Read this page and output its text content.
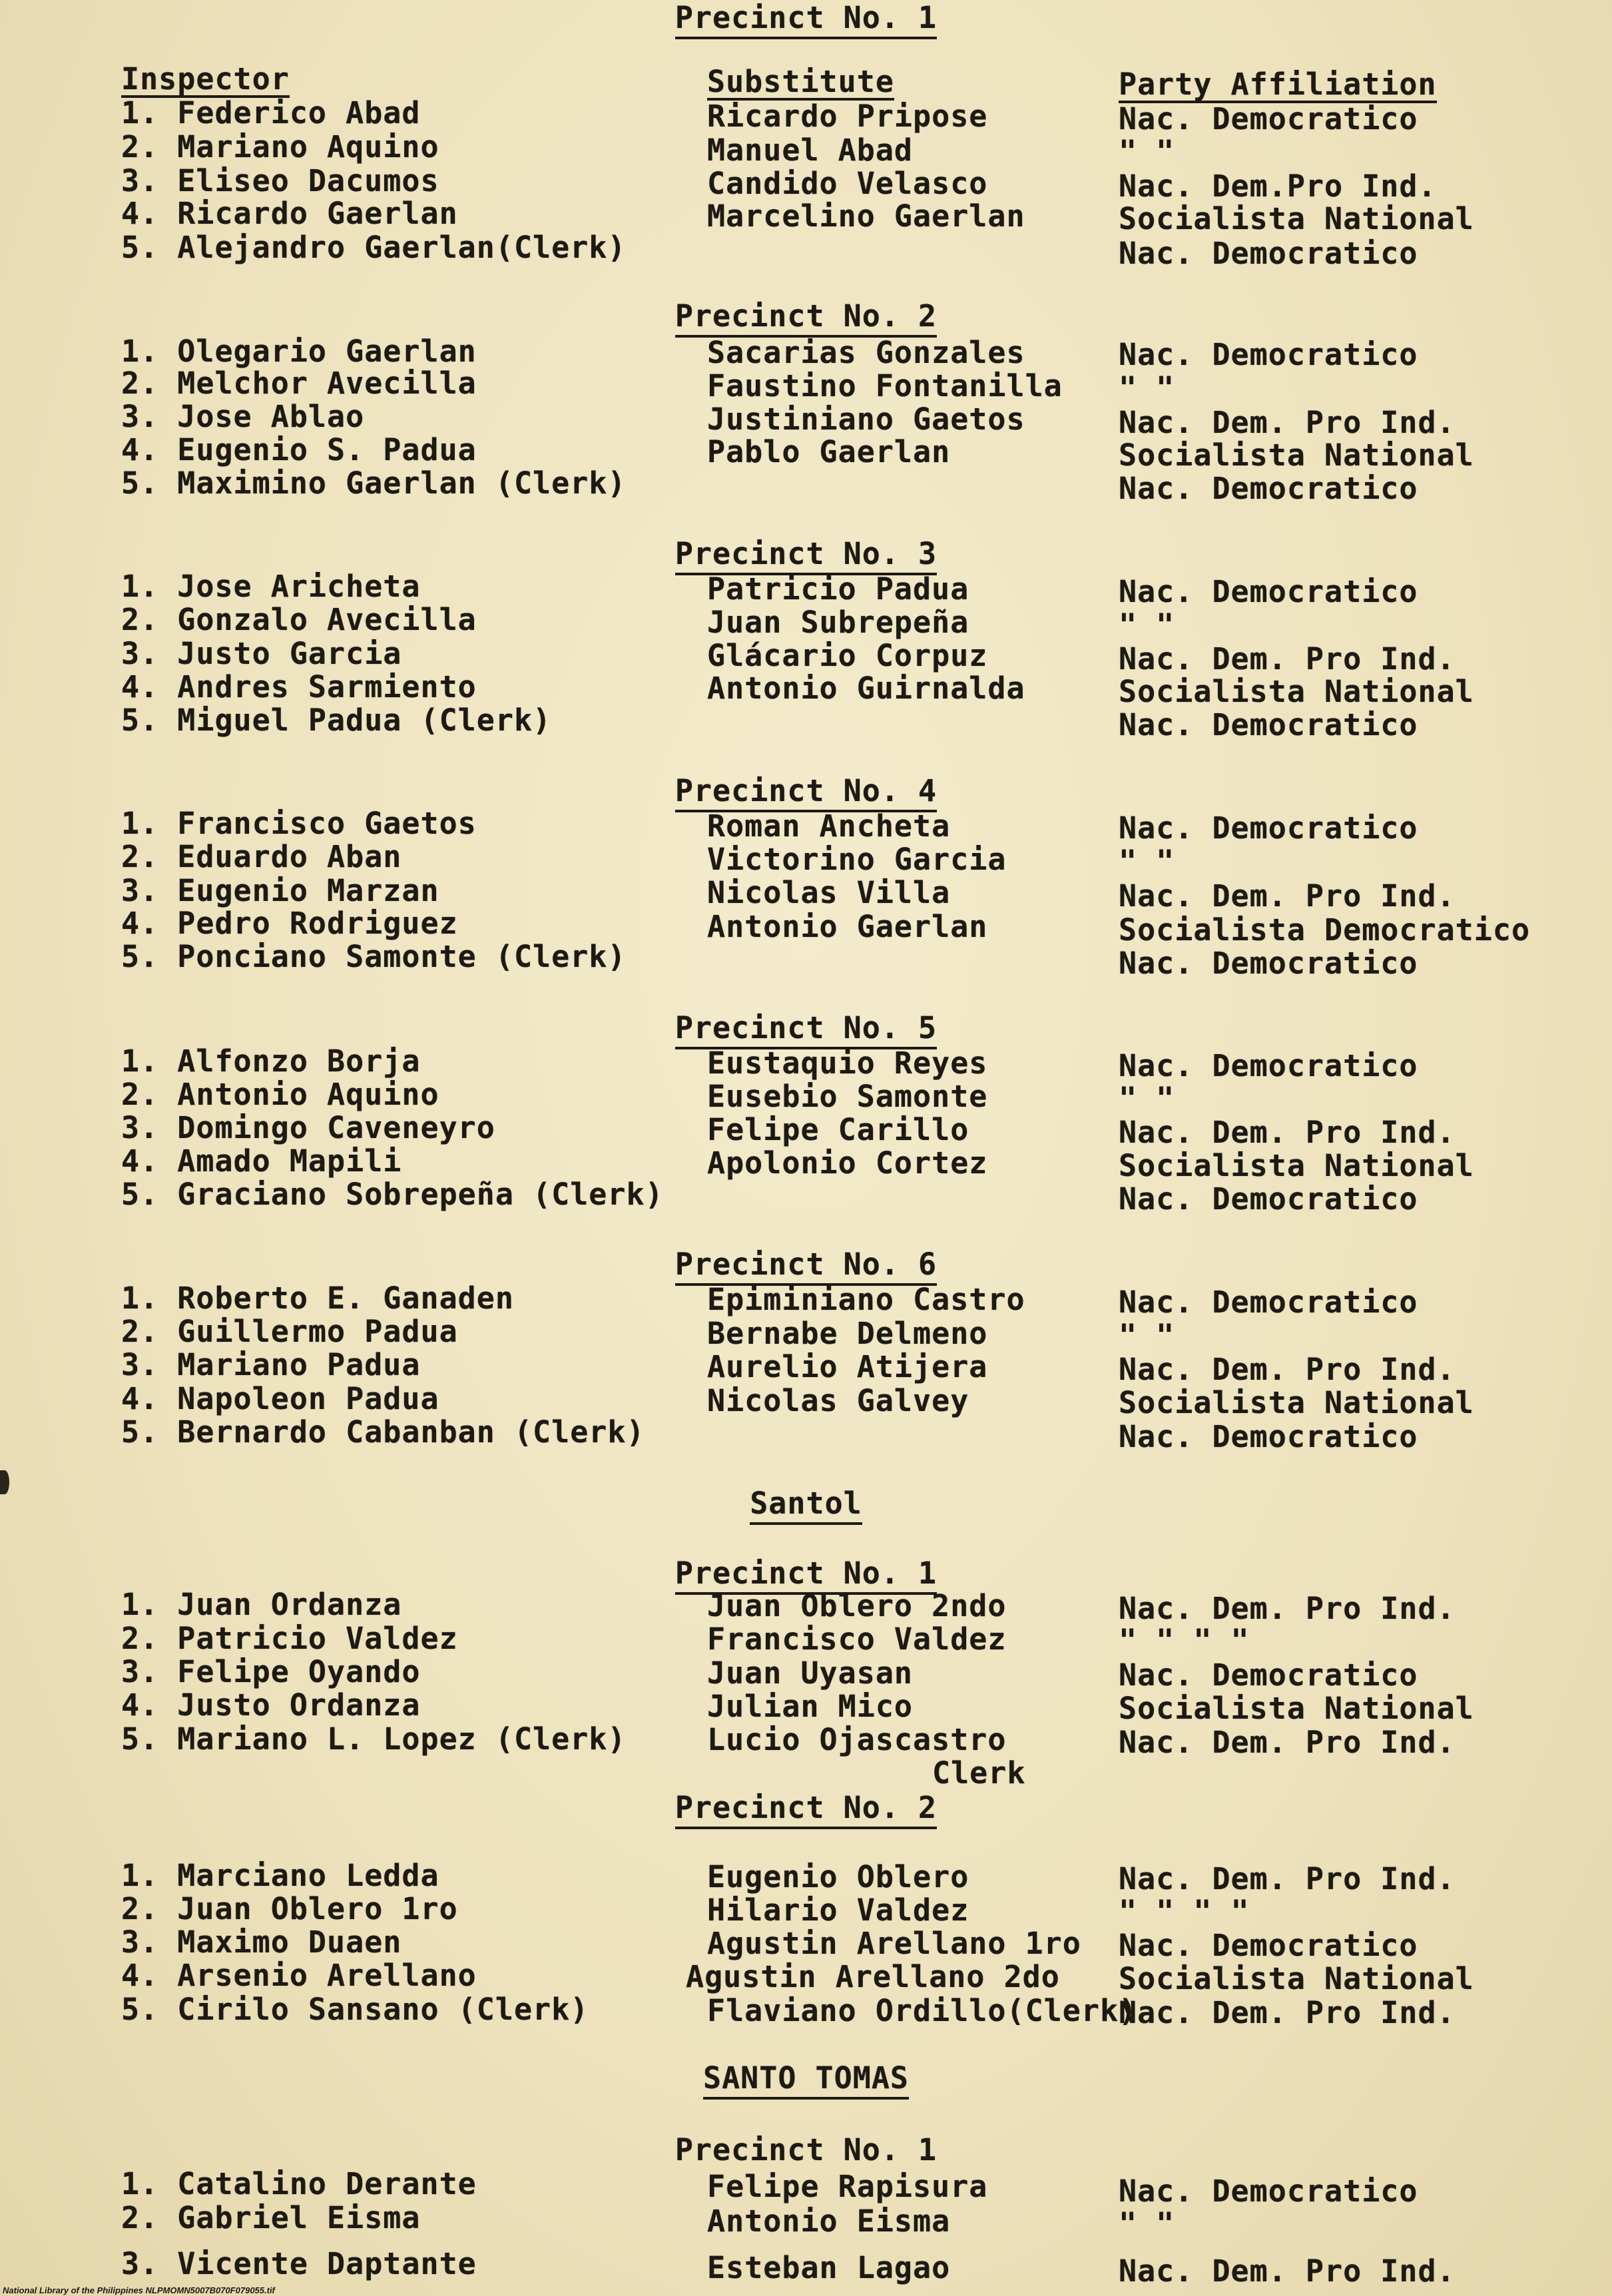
Precinct No. 1
Inspector	Substitute	Party Affiliation
1. Federico Abad	Ricardo Pripose	Nac. Democratico
2. Mariano Aquino	Manuel Abad	" "
3. Eliseo Dacumos	Candido Velasco	Nac. Dem.Pro Ind.
4. Ricardo Gaerlan	Marcelino Gaerlan	Socialista National
5. Alejandro Gaerlan(Clerk)	Nac. Democratico
Precinct No. 2
1. Olegario Gaerlan	Sacarias Gonzales	Nac. Democratico
2. Melchor Avecilla	Faustino Fontanilla " "
3. Jose Ablao	Justiniano Gaetos	Nac. Dem. Pro Ind.
4. Eugenio S. Padua	Pablo Gaerlan	Socialista National
5. Maximino Gaerlan (Clerk)	Nac. Democratico
Precinct No. 3
1. Jose Aricheta	Patricio Padua	Nac. Democratico
2. Gonzalo Avecilla	Juan Subrepeña	" "
3. Justo Garcia	Glácario Corpuz	Nac. Dem. Pro Ind.
4. Andres Sarmiento	Antonio Guirnalda	Socialista National
5. Miguel Padua (Clerk)	Nac. Democratico
Precinct No. 4
1. Francisco Gaetos	Roman Ancheta	Nac. Democratico
2. Eduardo Aban	Victorino Garcia	" "
3. Eugenio Marzan	Nicolas Villa	Nac. Dem. Pro Ind.
4. Pedro Rodriguez	Antonio Gaerlan	Socialista Democratico
5. Ponciano Samonte (Clerk)	Nac. Democratico
Precinct No. 5
1. Alfonzo Borja	Eustaquio Reyes	Nac. Democratico
2. Antonio Aquino	Eusebio Samonte	" "
3. Domingo Caveneyro	Felipe Carillo	Nac. Dem. Pro Ind.
4. Amado Mapili	Apolonio Cortez	Socialista National
5. Graciano Sobrepeña (Clerk)	Nac. Democratico
Precinct No. 6
1. Roberto E. Ganaden	Epiminiano Castro	Nac. Democratico
2. Guillermo Padua	Bernabe Delmeno	" "
3. Mariano Padua	Aurelio Atijera	Nac. Dem. Pro Ind.
4. Napoleon Padua	Nicolas Galvey	Socialista National
5. Bernardo Cabanban (Clerk)	Nac. Democratico
Santol
Precinct No. 1
1. Juan Ordanza	Juan Oblero 2ndo	Nac. Dem. Pro Ind.
2. Patricio Valdez	Francisco Valdez	" " " "
3. Felipe Oyando	Juan Uyasan	Nac. Democratico
4. Justo Ordanza	Julian Mico	Socialista National
5. Mariano L. Lopez (Clerk)	Lucio Ojascastro	Nac. Dem. Pro Ind.
Clerk
Precinct No. 2
1. Marciano Ledda	Eugenio Oblero	Nac. Dem. Pro Ind.
2. Juan Oblero 1ro	Hilario Valdez	" " " "
3. Maximo Duaen	Agustin Arellano 1ro Nac. Democratico
4. Arsenio Arellano	Agustin Arellano 2do Socialista National
5. Cirilo Sansano (Clerk)	Flaviano Ordillo(Clerk)
Nac. Dem. Pro Ind.
SANTO TOMAS
Precinct No. 1
1. Catalino Derante	Felipe Rapisura	Nac. Democratico
2. Gabriel Eisma	Antonio Eisma	" "
3. Vicente Daptante	Esteban Lagao	Nac. Dem. Pro Ind.
National Library of the Philippines NLPMOMN5007B070F079055.tif
